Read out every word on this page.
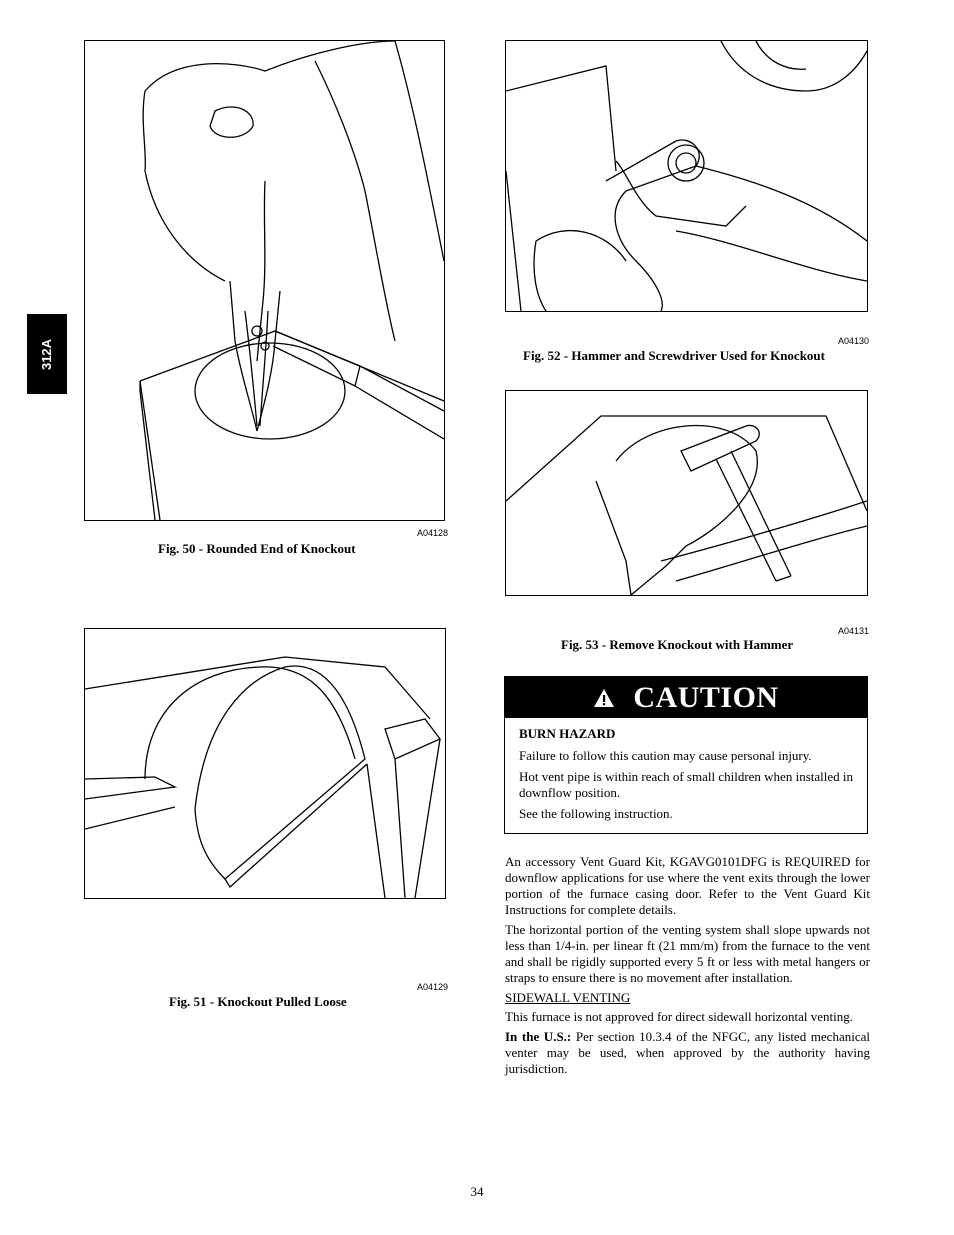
312A
A04128
Fig. 50 - Rounded End of Knockout
A04129
Fig. 51 - Knockout Pulled Loose
A04130
Fig. 52 - Hammer and Screwdriver Used for Knockout
A04131
Fig. 53 - Remove Knockout with Hammer
CAUTION

BURN HAZARD

Failure to follow this caution may cause personal injury.

Hot vent pipe is within reach of small children when installed in downflow position.

See the following instruction.

An accessory Vent Guard Kit, KGAVG0101DFG is REQUIRED for downflow applications for use where the vent exits through the lower portion of the furnace casing door. Refer to the Vent Guard Kit Instructions for complete details.

The horizontal portion of the venting system shall slope upwards not less than 1/4-in. per linear ft (21 mm/m) from the furnace to the vent and shall be rigidly supported every 5 ft or less with metal hangers or straps to ensure there is no movement after installation.

SIDEWALL VENTING

This furnace is not approved for direct sidewall horizontal venting.

In the U.S.: Per section 10.3.4 of the NFGC, any listed mechanical venter may be used, when approved by the authority having jurisdiction.

34
